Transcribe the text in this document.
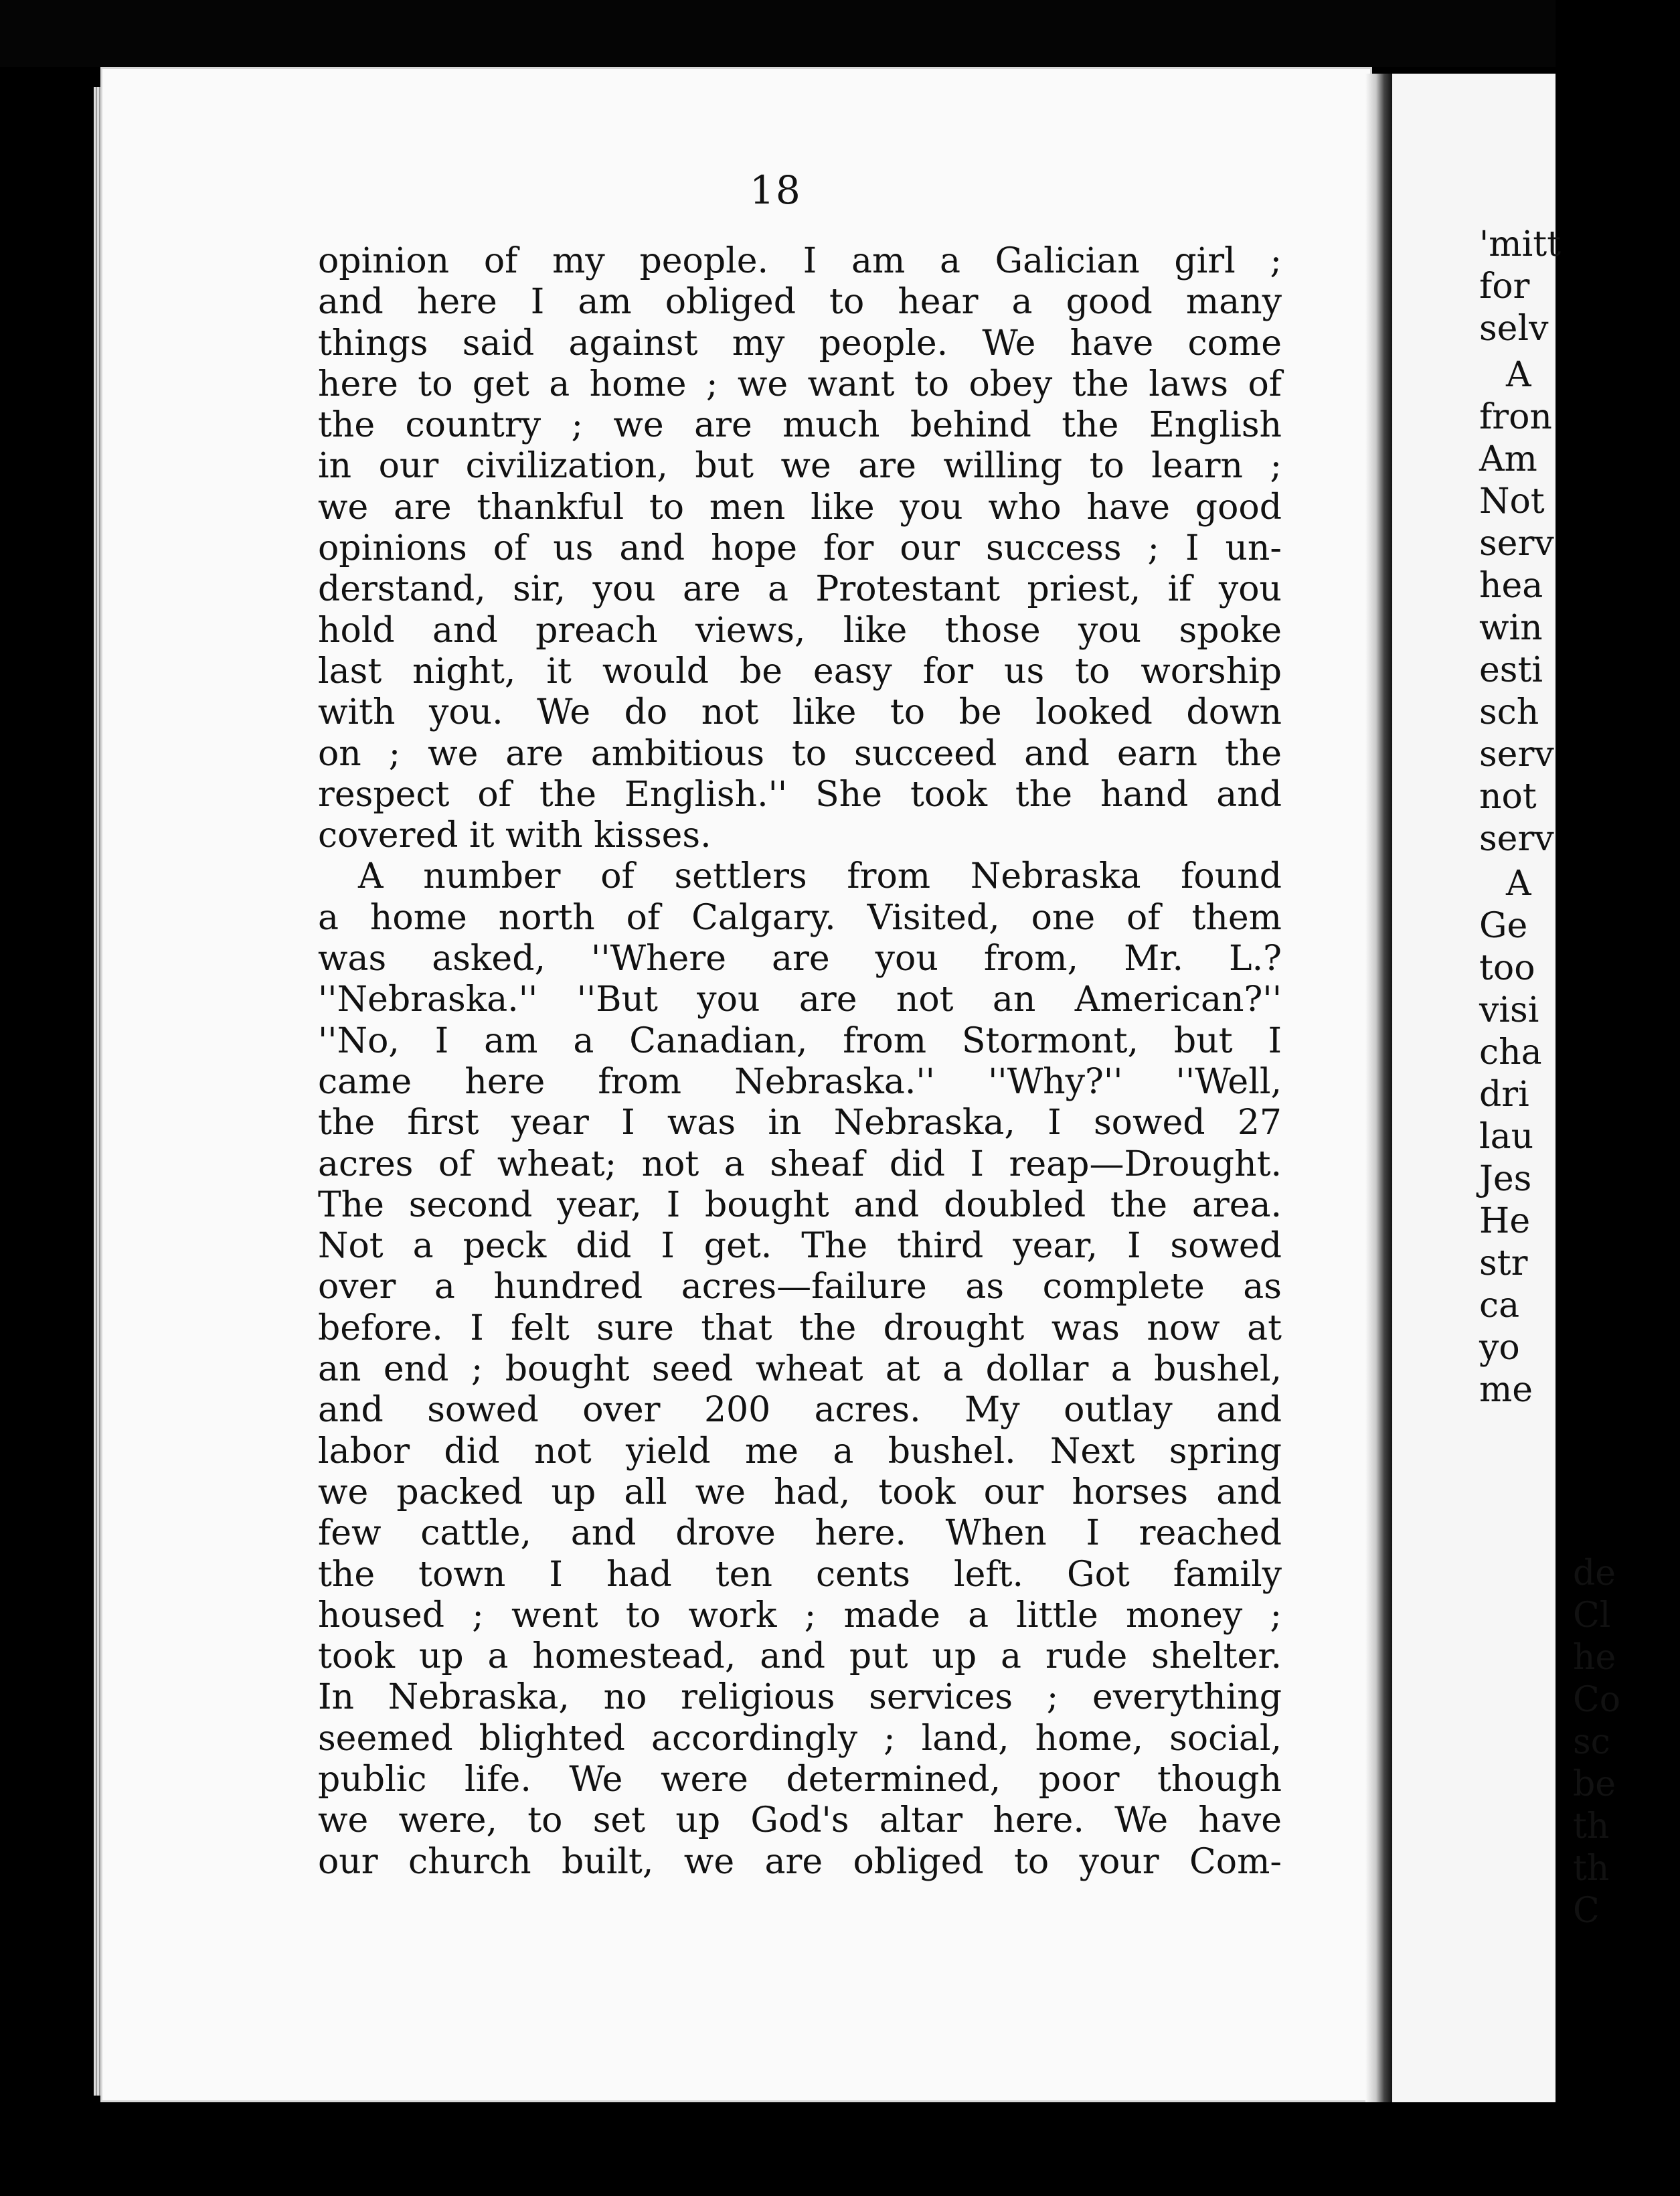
18
opinion of my people. I am a Galician girl ;
and here I am obliged to hear a good many
things said against my people. We have come
here to get a home ; we want to obey the laws of
the country ; we are much behind the English
in our civilization, but we are willing to learn ;
we are thankful to men like you who have good
opinions of us and hope for our success ; I un-
derstand, sir, you are a Protestant priest, if you
hold and preach views, like those you spoke
last night, it would be easy for us to worship
with you. We do not like to be looked down
on ; we are ambitious to succeed and earn the
respect of the English.'' She took the hand and
covered it with kisses.
A number of settlers from Nebraska found
a home north of Calgary. Visited, one of them
was asked, ''Where are you from, Mr. L.?
''Nebraska.'' ''But you are not an American?''
''No, I am a Canadian, from Stormont, but I
came here from Nebraska.'' ''Why?'' ''Well,
the first year I was in Nebraska, I sowed 27
acres of wheat; not a sheaf did I reap—Drought.
The second year, I bought and doubled the area.
Not a peck did I get. The third year, I sowed
over a hundred acres—failure as complete as
before. I felt sure that the drought was now at
an end ; bought seed wheat at a dollar a bushel,
and sowed over 200 acres. My outlay and
labor did not yield me a bushel. Next spring
we packed up all we had, took our horses and
few cattle, and drove here. When I reached
the town I had ten cents left. Got family
housed ; went to work ; made a little money ;
took up a homestead, and put up a rude shelter.
In Nebraska, no religious services ; everything
seemed blighted accordingly ; land, home, social,
public life. We were determined, poor though
we were, to set up God's altar here. We have
our church built, we are obliged to your Com-
'mitt
for
selv
A
fron
Am
Not
serv
hea
win
esti
sch
serv
not
serv
A
Ge
too
visi
cha
dri
lau
Jes
He
str
ca
yo
me
de
Cl
he
Co
sc
be
th
th
C
